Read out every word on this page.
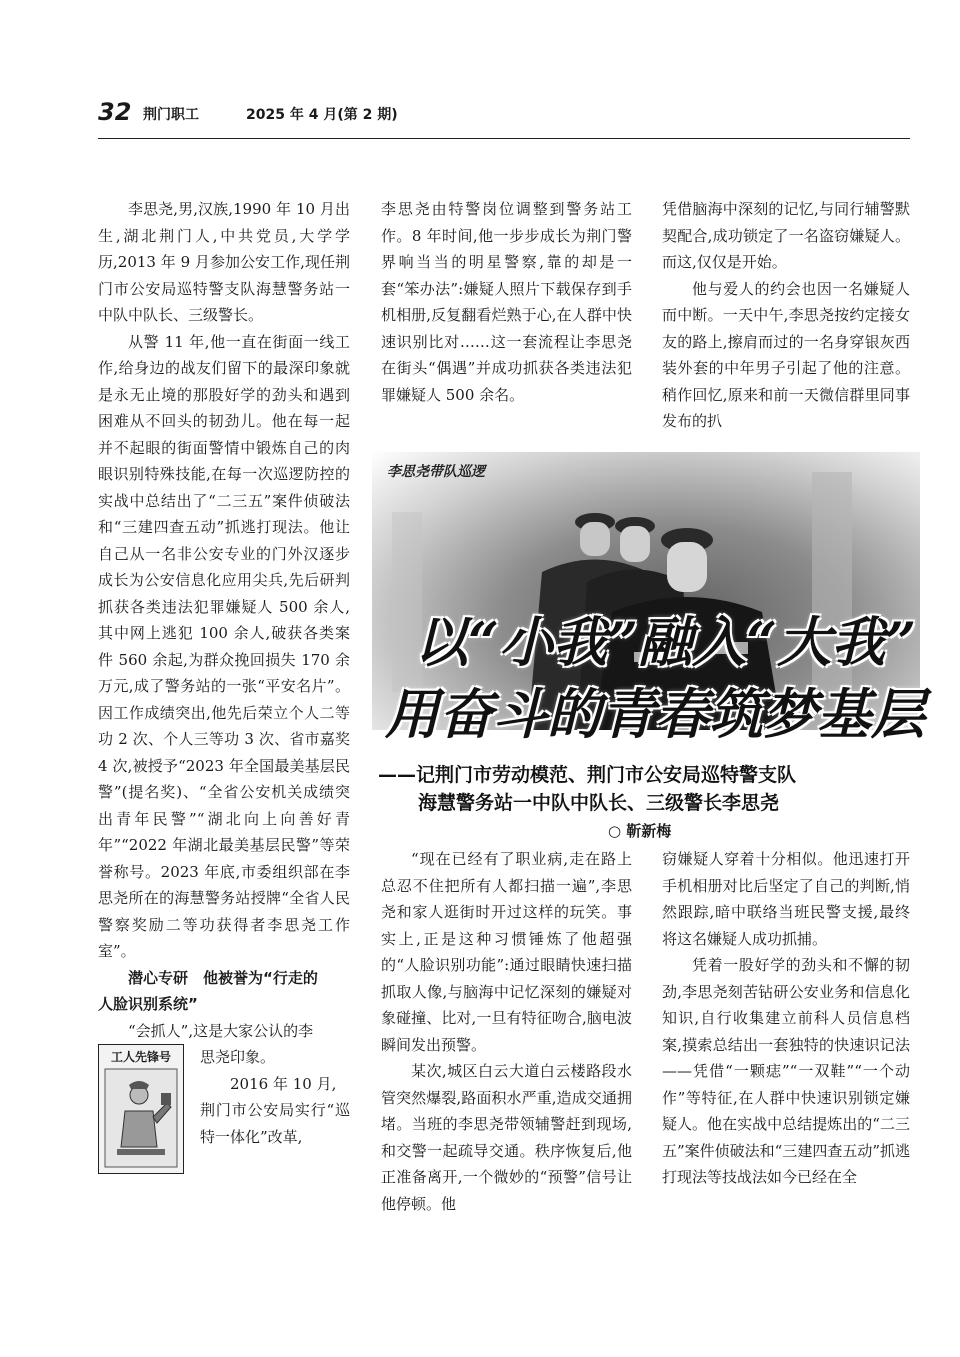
32 荆门职工	2025 年 4 月(第 2 期)

李思尧,男,汉族,1990 年 10 月出生,湖北荆门人,中共党员,大学学历,2013 年 9 月参加公安工作,现任荆门市公安局巡特警支队海慧警务站一中队中队长、三级警长。

从警 11 年,他一直在街面一线工作,给身边的战友们留下的最深印象就是永无止境的那股好学的劲头和遇到困难从不回头的韧劲儿。他在每一起并不起眼的街面警情中锻炼自己的肉眼识别特殊技能,在每一次巡逻防控的实战中总结出了“二三五”案件侦破法和“三建四查五动”抓逃打现法。他让自己从一名非公安专业的门外汉逐步成长为公安信息化应用尖兵,先后研判抓获各类违法犯罪嫌疑人 500 余人,其中网上逃犯 100 余人,破获各类案件 560 余起,为群众挽回损失 170 余万元,成了警务站的一张“平安名片”。因工作成绩突出,他先后荣立个人二等功 2 次、个人三等功 3 次、省市嘉奖 4 次,被授予“2023 年全国最美基层民警”(提名奖)、“全省公安机关成绩突出青年民警”“湖北向上向善好青年”“2022 年湖北最美基层民警”等荣誉称号。2023 年底,市委组织部在李思尧所在的海慧警务站授牌“全省人民警察奖励二等功获得者李思尧工作室”。

潜心专研　他被誉为“行走的

人脸识别系统”

“会抓人”,这是大家公认的李

工人先锋号	思尧印象。

2016 年 10 月,

荆门市公安局实行“巡特一体化”改革,

李思尧由特警岗位调整到警务站工作。8 年时间,他一步步成长为荆门警界响当当的明星警察,靠的却是一套“笨办法”:嫌疑人照片下载保存到手机相册,反复翻看烂熟于心,在人群中快速识别比对……这一套流程让李思尧在街头“偶遇”并成功抓获各类违法犯罪嫌疑人 500 余名。

凭借脑海中深刻的记忆,与同行辅警默契配合,成功锁定了一名盗窃嫌疑人。而这,仅仅是开始。

他与爱人的约会也因一名嫌疑人而中断。一天中午,李思尧按约定接女友的路上,擦肩而过的一名身穿银灰西装外套的中年男子引起了他的注意。稍作回忆,原来和前一天微信群里同事发布的扒

李思尧带队巡逻
以“小我”融入“大我”
用奋斗的青春筑梦基层
——记荆门市劳动模范、荆门市公安局巡特警支队
海慧警务站一中队中队长、三级警长李思尧
○ 靳新梅

“现在已经有了职业病,走在路上总忍不住把所有人都扫描一遍”,李思尧和家人逛街时开过这样的玩笑。事实上,正是这种习惯锤炼了他超强的“人脸识别功能”:通过眼睛快速扫描抓取人像,与脑海中记忆深刻的嫌疑对象碰撞、比对,一旦有特征吻合,脑电波瞬间发出预警。

某次,城区白云大道白云楼路段水管突然爆裂,路面积水严重,造成交通拥堵。当班的李思尧带领辅警赶到现场,和交警一起疏导交通。秩序恢复后,他正准备离开,一个微妙的“预警”信号让他停顿。他

窃嫌疑人穿着十分相似。他迅速打开手机相册对比后坚定了自己的判断,悄然跟踪,暗中联络当班民警支援,最终将这名嫌疑人成功抓捕。

凭着一股好学的劲头和不懈的韧劲,李思尧刻苦钻研公安业务和信息化知识,自行收集建立前科人员信息档案,摸索总结出一套独特的快速识记法——凭借“一颗痣”“一双鞋”“一个动作”等特征,在人群中快速识别锁定嫌疑人。他在实战中总结提炼出的“二三五”案件侦破法和“三建四查五动”抓逃打现法等技战法如今已经在全
